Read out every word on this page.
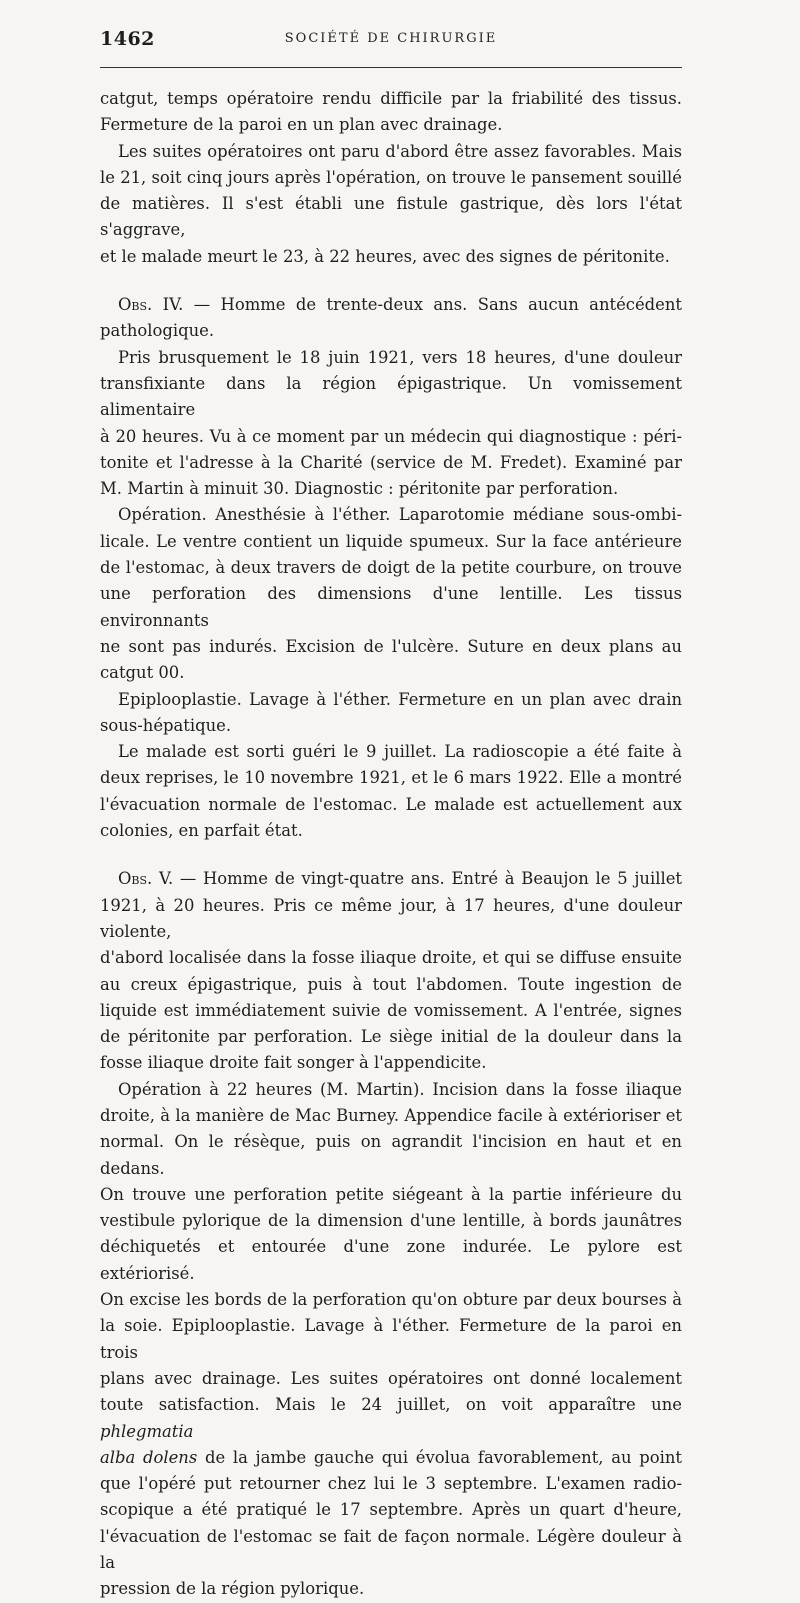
1462	SOCIÉTÉ DE CHIRURGIE

catgut, temps opératoire rendu difficile par la friabilité des tissus.
Fermeture de la paroi en un plan avec drainage.

Les suites opératoires ont paru d'abord être assez favorables. Mais
le 21, soit cinq jours après l'opération, on trouve le pansement souillé
de matières. Il s'est établi une fistule gastrique, dès lors l'état s'aggrave,
et le malade meurt le 23, à 22 heures, avec des signes de péritonite.

Obs. IV. — Homme de trente-deux ans. Sans aucun antécédent
pathologique.

Pris brusquement le 18 juin 1921, vers 18 heures, d'une douleur
transfixiante dans la région épigastrique. Un vomissement alimentaire
à 20 heures. Vu à ce moment par un médecin qui diagnostique : péri-
tonite et l'adresse à la Charité (service de M. Fredet). Examiné par
M. Martin à minuit 30. Diagnostic : péritonite par perforation.

Opération. Anesthésie à l'éther. Laparotomie médiane sous-ombi-
licale. Le ventre contient un liquide spumeux. Sur la face antérieure
de l'estomac, à deux travers de doigt de la petite courbure, on trouve
une perforation des dimensions d'une lentille. Les tissus environnants
ne sont pas indurés. Excision de l'ulcère. Suture en deux plans au
catgut 00.

Epiplooplastie. Lavage à l'éther. Fermeture en un plan avec drain
sous-hépatique.

Le malade est sorti guéri le 9 juillet. La radioscopie a été faite à
deux reprises, le 10 novembre 1921, et le 6 mars 1922. Elle a montré
l'évacuation normale de l'estomac. Le malade est actuellement aux
colonies, en parfait état.

Obs. V. — Homme de vingt-quatre ans. Entré à Beaujon le 5 juillet
1921, à 20 heures. Pris ce même jour, à 17 heures, d'une douleur violente,
d'abord localisée dans la fosse iliaque droite, et qui se diffuse ensuite
au creux épigastrique, puis à tout l'abdomen. Toute ingestion de
liquide est immédiatement suivie de vomissement. A l'entrée, signes
de péritonite par perforation. Le siège initial de la douleur dans la
fosse iliaque droite fait songer à l'appendicite.

Opération à 22 heures (M. Martin). Incision dans la fosse iliaque
droite, à la manière de Mac Burney. Appendice facile à extérioriser et
normal. On le résèque, puis on agrandit l'incision en haut et en dedans.
On trouve une perforation petite siégeant à la partie inférieure du
vestibule pylorique de la dimension d'une lentille, à bords jaunâtres
déchiquetés et entourée d'une zone indurée. Le pylore est extériorisé.
On excise les bords de la perforation qu'on obture par deux bourses à
la soie. Epiplooplastie. Lavage à l'éther. Fermeture de la paroi en trois
plans avec drainage. Les suites opératoires ont donné localement
toute satisfaction. Mais le 24 juillet, on voit apparaître une phlegmatia
alba dolens de la jambe gauche qui évolua favorablement, au point
que l'opéré put retourner chez lui le 3 septembre. L'examen radio-
scopique a été pratiqué le 17 septembre. Après un quart d'heure,
l'évacuation de l'estomac se fait de façon normale. Légère douleur à la
pression de la région pylorique.
